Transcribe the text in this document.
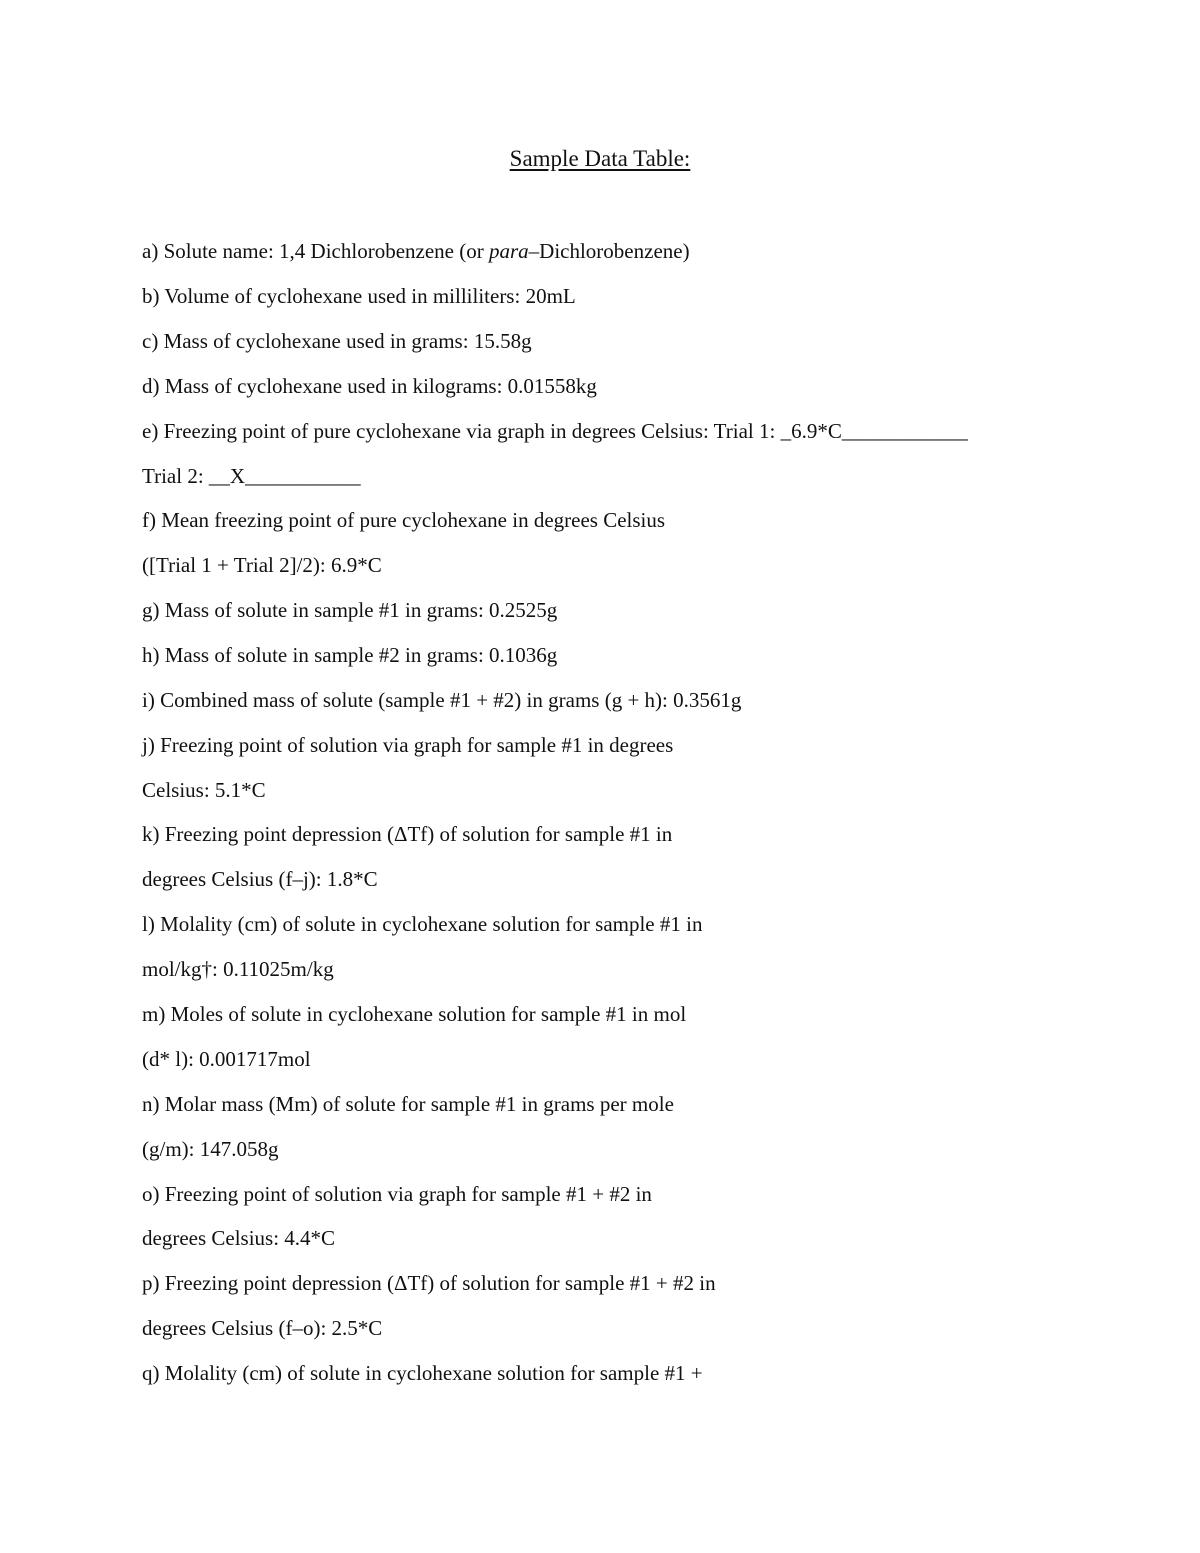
Sample Data Table:
a) Solute name: 1,4 Dichlorobenzene (or para–Dichlorobenzene)
b) Volume of cyclohexane used in milliliters: 20mL
c) Mass of cyclohexane used in grams: 15.58g
d) Mass of cyclohexane used in kilograms: 0.01558kg
e) Freezing point of pure cyclohexane via graph in degrees Celsius: Trial 1: _6.9*C____________
Trial 2: __X___________
f) Mean freezing point of pure cyclohexane in degrees Celsius
([Trial 1 + Trial 2]/2): 6.9*C
g) Mass of solute in sample #1 in grams: 0.2525g
h) Mass of solute in sample #2 in grams: 0.1036g
i) Combined mass of solute (sample #1 + #2) in grams (g + h): 0.3561g
j) Freezing point of solution via graph for sample #1 in degrees
Celsius: 5.1*C
k) Freezing point depression (ΔTf) of solution for sample #1 in
degrees Celsius (f–j): 1.8*C
l) Molality (cm) of solute in cyclohexane solution for sample #1 in
mol/kg†: 0.11025m/kg
m) Moles of solute in cyclohexane solution for sample #1 in mol
(d* l): 0.001717mol
n) Molar mass (Mm) of solute for sample #1 in grams per mole
(g/m): 147.058g
o) Freezing point of solution via graph for sample #1 + #2 in
degrees Celsius: 4.4*C
p) Freezing point depression (ΔTf) of solution for sample #1 + #2 in
degrees Celsius (f–o): 2.5*C
q) Molality (cm) of solute in cyclohexane solution for sample #1 +
